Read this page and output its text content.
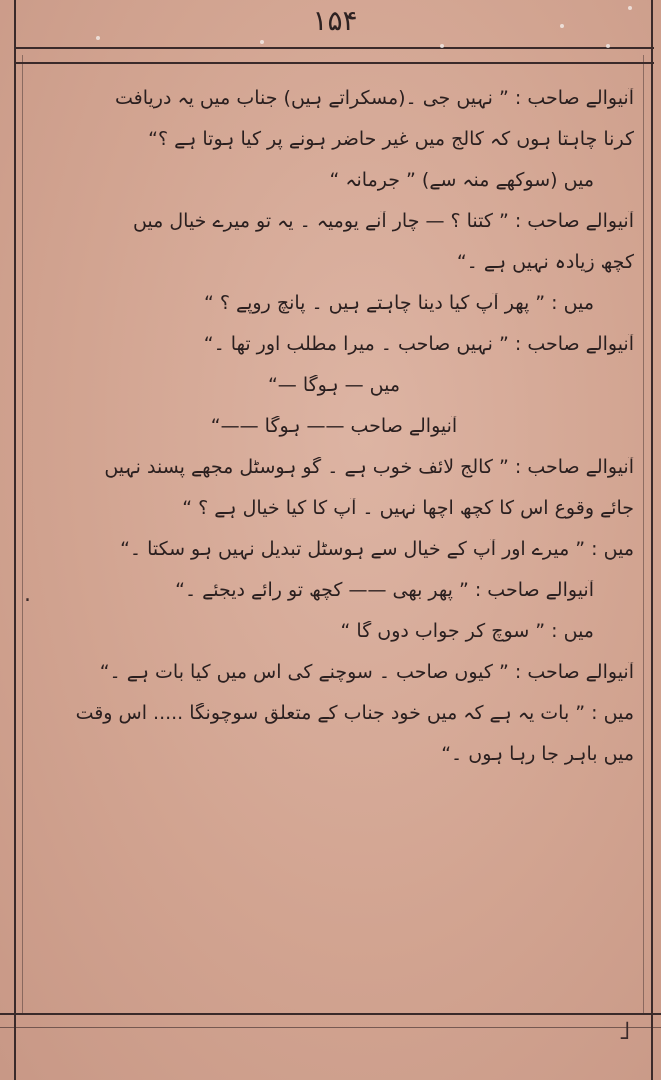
۱۵۴
آنیوالے صاحب : ” نہیں جی ۔(مسکراتے ہیں) جناب میں یہ دریافت
کرنا چاہتا ہوں کہ کالج میں غیر حاضر ہونے پر کیا ہوتا ہے ؟“
میں (سوکھے منہ سے) ” جرمانہ “
آنیوالے صاحب : ” کتنا ؟ — چار آنے یومیہ ۔ یہ تو میرے خیال میں
کچھ زیادہ نہیں ہے ۔“
میں : ” پھر آپ کیا دینا چاہتے ہیں ۔ پانچ روپے ؟ “
آنیوالے صاحب : ” نہیں صاحب ۔ میرا مطلب اور تھا ۔“
میں — ہوگا —“
آنیوالے صاحب —— ہوگا ——“
آنیوالے صاحب : ” کالج لائف خوب ہے ۔ گو ہوسٹل مجھے پسند نہیں
جائے وقوع اس کا کچھ اچھا نہیں ۔ آپ کا کیا خیال ہے ؟ “
میں : ” میرے اور آپ کے خیال سے ہوسٹل تبدیل نہیں ہو سکتا ۔“
آنیوالے صاحب : ” پھر بھی —— کچھ تو رائے دیجئے ۔“
میں : ” سوچ کر جواب دوں گا “
آنیوالے صاحب : ” کیوں صاحب ۔ سوچنے کی اس میں کیا بات ہے ۔“
میں : ” بات یہ ہے کہ میں خود جناب کے متعلق سوچونگا ..... اس وقت
میں باہر جا رہا ہوں ۔“
.
˩
